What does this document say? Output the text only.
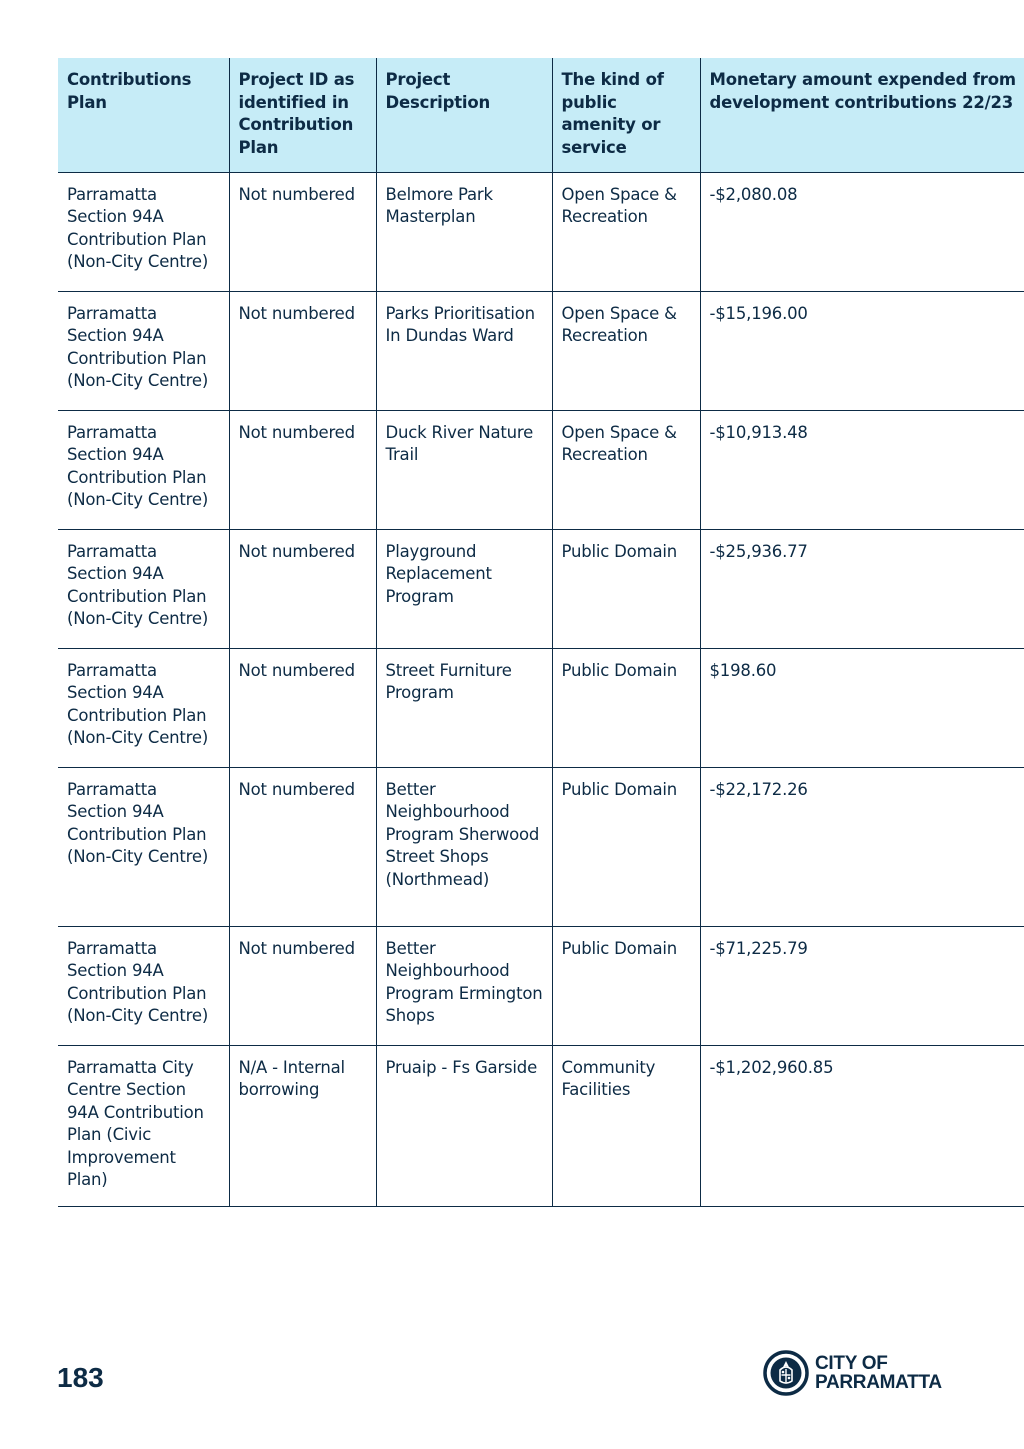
Contributions Plan	Project ID as identified in Contribution Plan	Project Description	The kind of public amenity or service	Monetary amount expended from development contributions 22/23
Parramatta Section 94A Contribution Plan (Non-City Centre)	Not numbered	Belmore Park Masterplan	Open Space & Recreation	-$2,080.08
Parramatta Section 94A Contribution Plan (Non-City Centre)	Not numbered	Parks Prioritisation In Dundas Ward	Open Space & Recreation	-$15,196.00
Parramatta Section 94A Contribution Plan (Non-City Centre)	Not numbered	Duck River Nature Trail	Open Space & Recreation	-$10,913.48
Parramatta Section 94A Contribution Plan (Non-City Centre)	Not numbered	Playground Replacement Program	Public Domain	-$25,936.77
Parramatta Section 94A Contribution Plan (Non-City Centre)	Not numbered	Street Furniture Program	Public Domain	$198.60
Parramatta Section 94A Contribution Plan (Non-City Centre)	Not numbered	Better Neighbourhood Program Sherwood Street Shops (Northmead)	Public Domain	-$22,172.26
Parramatta Section 94A Contribution Plan (Non-City Centre)	Not numbered	Better Neighbourhood Program Ermington Shops	Public Domain	-$71,225.79
Parramatta City Centre Section 94A Contribution Plan (Civic Improvement Plan)	N/A - Internal borrowing	Pruaip - Fs Garside	Community Facilities	-$1,202,960.85
183	CITY OF
PARRAMATTA
